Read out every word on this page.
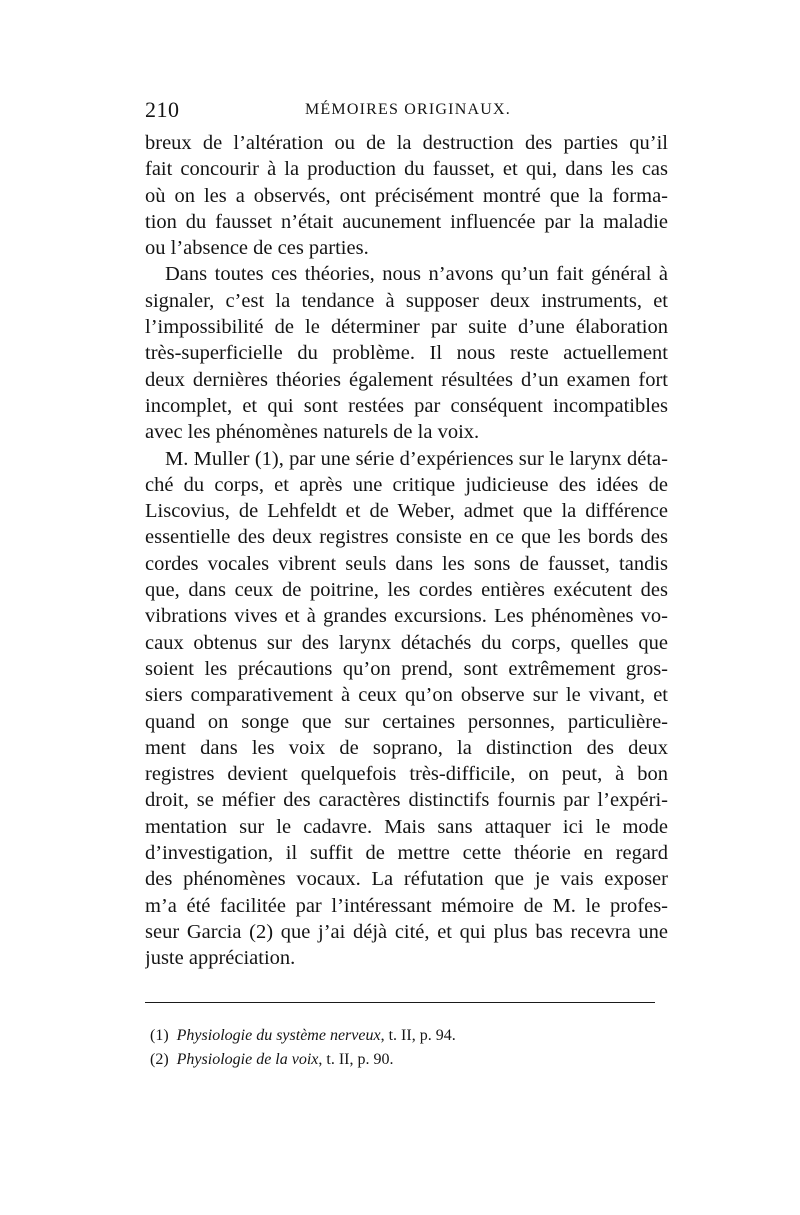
210	MÉMOIRES ORIGINAUX.
breux de l’altération ou de la destruction des parties qu’il
fait concourir à la production du fausset, et qui, dans les cas
où on les a observés, ont précisément montré que la forma-
tion du fausset n’était aucunement influencée par la maladie
ou l’absence de ces parties.
Dans toutes ces théories, nous n’avons qu’un fait général à
signaler, c’est la tendance à supposer deux instruments, et
l’impossibilité de le déterminer par suite d’une élaboration
très-superficielle du problème. Il nous reste actuellement
deux dernières théories également résultées d’un examen fort
incomplet, et qui sont restées par conséquent incompatibles
avec les phénomènes naturels de la voix.
M. Muller (1), par une série d’expériences sur le larynx déta-
ché du corps, et après une critique judicieuse des idées de
Liscovius, de Lehfeldt et de Weber, admet que la différence
essentielle des deux registres consiste en ce que les bords des
cordes vocales vibrent seuls dans les sons de fausset, tandis
que, dans ceux de poitrine, les cordes entières exécutent des
vibrations vives et à grandes excursions. Les phénomènes vo-
caux obtenus sur des larynx détachés du corps, quelles que
soient les précautions qu’on prend, sont extrêmement gros-
siers comparativement à ceux qu’on observe sur le vivant, et
quand on songe que sur certaines personnes, particulière-
ment dans les voix de soprano, la distinction des deux
registres devient quelquefois très-difficile, on peut, à bon
droit, se méfier des caractères distinctifs fournis par l’expéri-
mentation sur le cadavre. Mais sans attaquer ici le mode
d’investigation, il suffit de mettre cette théorie en regard
des phénomènes vocaux. La réfutation que je vais exposer
m’a été facilitée par l’intéressant mémoire de M. le profes-
seur Garcia (2) que j’ai déjà cité, et qui plus bas recevra une
juste appréciation.
(1) Physiologie du système nerveux, t. II, p. 94.
(2) Physiologie de la voix, t. II, p. 90.
